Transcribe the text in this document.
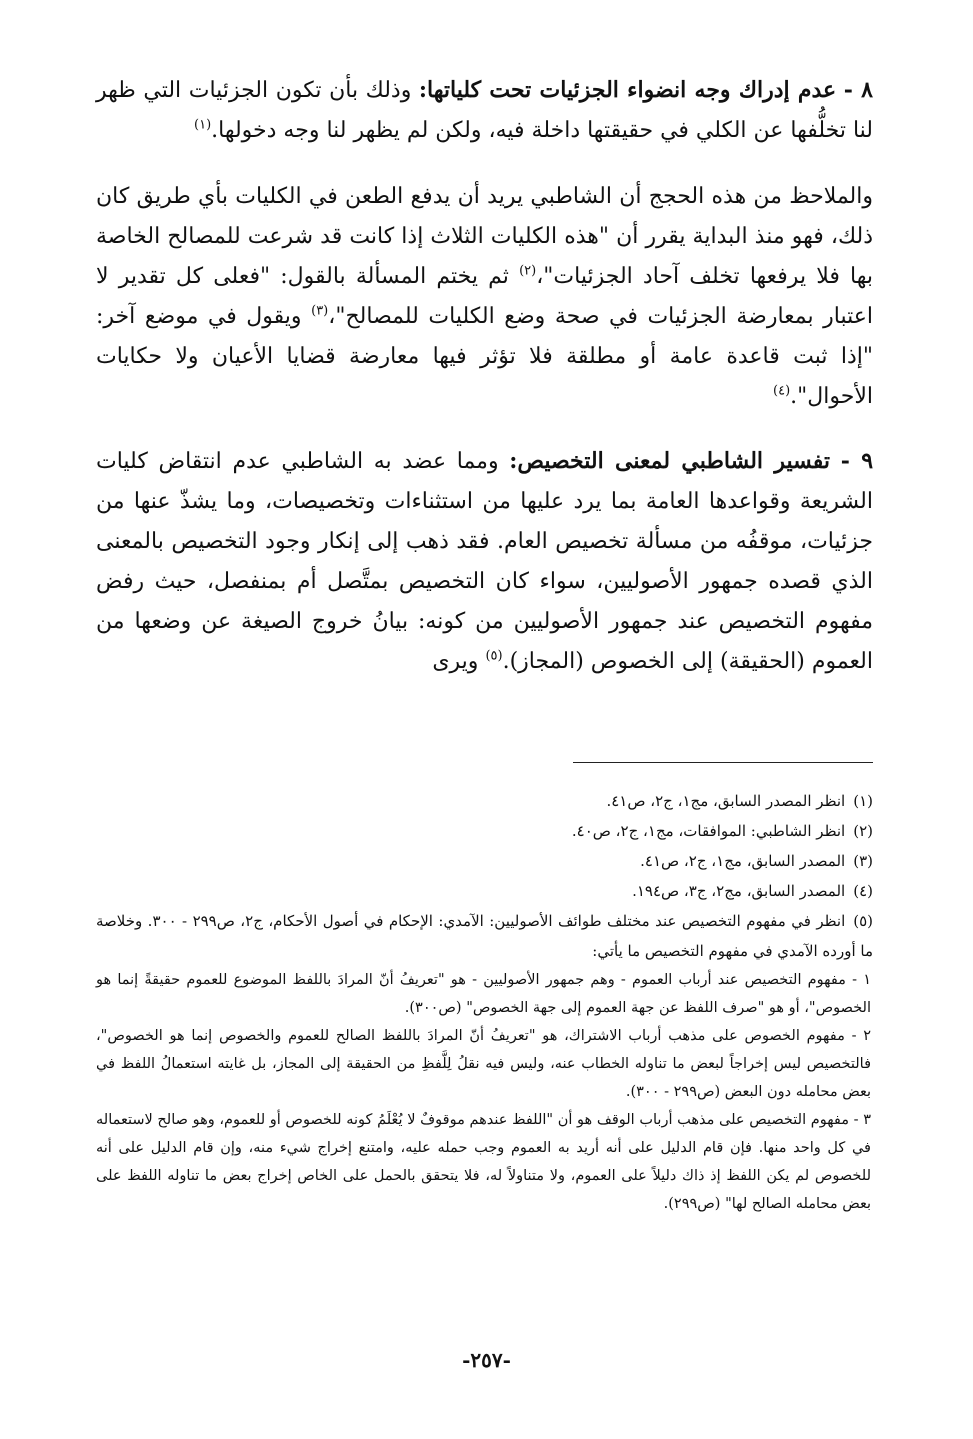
٨ - عدم إدراك وجه انضواء الجزئيات تحت كلياتها: وذلك بأن تكون الجزئيات التي ظهر لنا تخلُّفها عن الكلي في حقيقتها داخلة فيه، ولكن لم يظهر لنا وجه دخولها.$^{(١)}$

والملاحظ من هذه الحجج أن الشاطبي يريد أن يدفع الطعن في الكليات بأي طريق كان ذلك، فهو منذ البداية يقرر أن "هذه الكليات الثلاث إذا كانت قد شرعت للمصالح الخاصة بها فلا يرفعها تخلف آحاد الجزئيات"،$^{(٢)}$ ثم يختم المسألة بالقول: "فعلى كل تقدير لا اعتبار بمعارضة الجزئيات في صحة وضع الكليات للمصالح"،$^{(٣)}$ ويقول في موضع آخر: "إذا ثبت قاعدة عامة أو مطلقة فلا تؤثر فيها معارضة قضايا الأعيان ولا حكايات الأحوال".$^{(٤)}$

٩ - تفسير الشاطبي لمعنى التخصيص: ومما عضد به الشاطبي عدم انتقاض كليات الشريعة وقواعدها العامة بما يرد عليها من استثناءات وتخصيصات، وما يشذّ عنها من جزئيات، موقفُه من مسألة تخصيص العام. فقد ذهب إلى إنكار وجود التخصيص بالمعنى الذي قصده جمهور الأصوليين، سواء كان التخصيص بمتَّصل أم بمنفصل، حيث رفض مفهوم التخصيص عند جمهور الأصوليين من كونه: بيانُ خروج الصيغة عن وضعها من العموم (الحقيقة) إلى الخصوص (المجاز).$^{(٥)}$ ويرى

(١)انظر المصدر السابق، مج١، ج٢، ص٤١.

(٢)انظر الشاطبي: الموافقات، مج١، ج٢، ص٤٠.

(٣)المصدر السابق، مج١، ج٢، ص٤١.

(٤)المصدر السابق، مج٢، ج٣، ص١٩٤.

(٥)انظر في مفهوم التخصيص عند مختلف طوائف الأصوليين: الآمدي: الإحكام في أصول الأحكام، ج٢، ص٢٩٩ - ٣٠٠. وخلاصة ما أورده الآمدي في مفهوم التخصيص ما يأتي:

١ - مفهوم التخصيص عند أرباب العموم - وهم جمهور الأصوليين - هو "تعريفُ أنّ المرادَ باللفظ الموضوع للعموم حقيقةً إنما هو الخصوص"، أو هو "صرف اللفظ عن جهة العموم إلى جهة الخصوص" (ص٣٠٠).

٢ - مفهوم الخصوص على مذهب أرباب الاشتراك، هو "تعريفُ أنّ المرادَ باللفظ الصالح للعموم والخصوص إنما هو الخصوص"، فالتخصيص ليس إخراجاً لبعض ما تناوله الخطاب عنه، وليس فيه نقلُ لِلَّفظِ من الحقيقة إلى المجاز، بل غايته استعمالُ اللفظ في بعض محامله دون البعض (ص٢٩٩ - ٣٠٠).

٣ - مفهوم التخصيص على مذهب أرباب الوقف هو أن "اللفظ عندهم موقوفٌ لا يُعْلَمُ كونه للخصوص أو للعموم، وهو صالح لاستعماله في كل واحد منها. فإن قام الدليل على أنه أريد به العموم وجب حمله عليه، وامتنع إخراج شيء منه، وإن قام الدليل على أنه للخصوص لم يكن اللفظ إذ ذاك دليلاً على العموم، ولا متناولاً له، فلا يتحقق بالحمل على الخاص إخراج بعض ما تناوله اللفظ على بعض محامله الصالح لها" (ص٢٩٩).

-٢٥٧-
